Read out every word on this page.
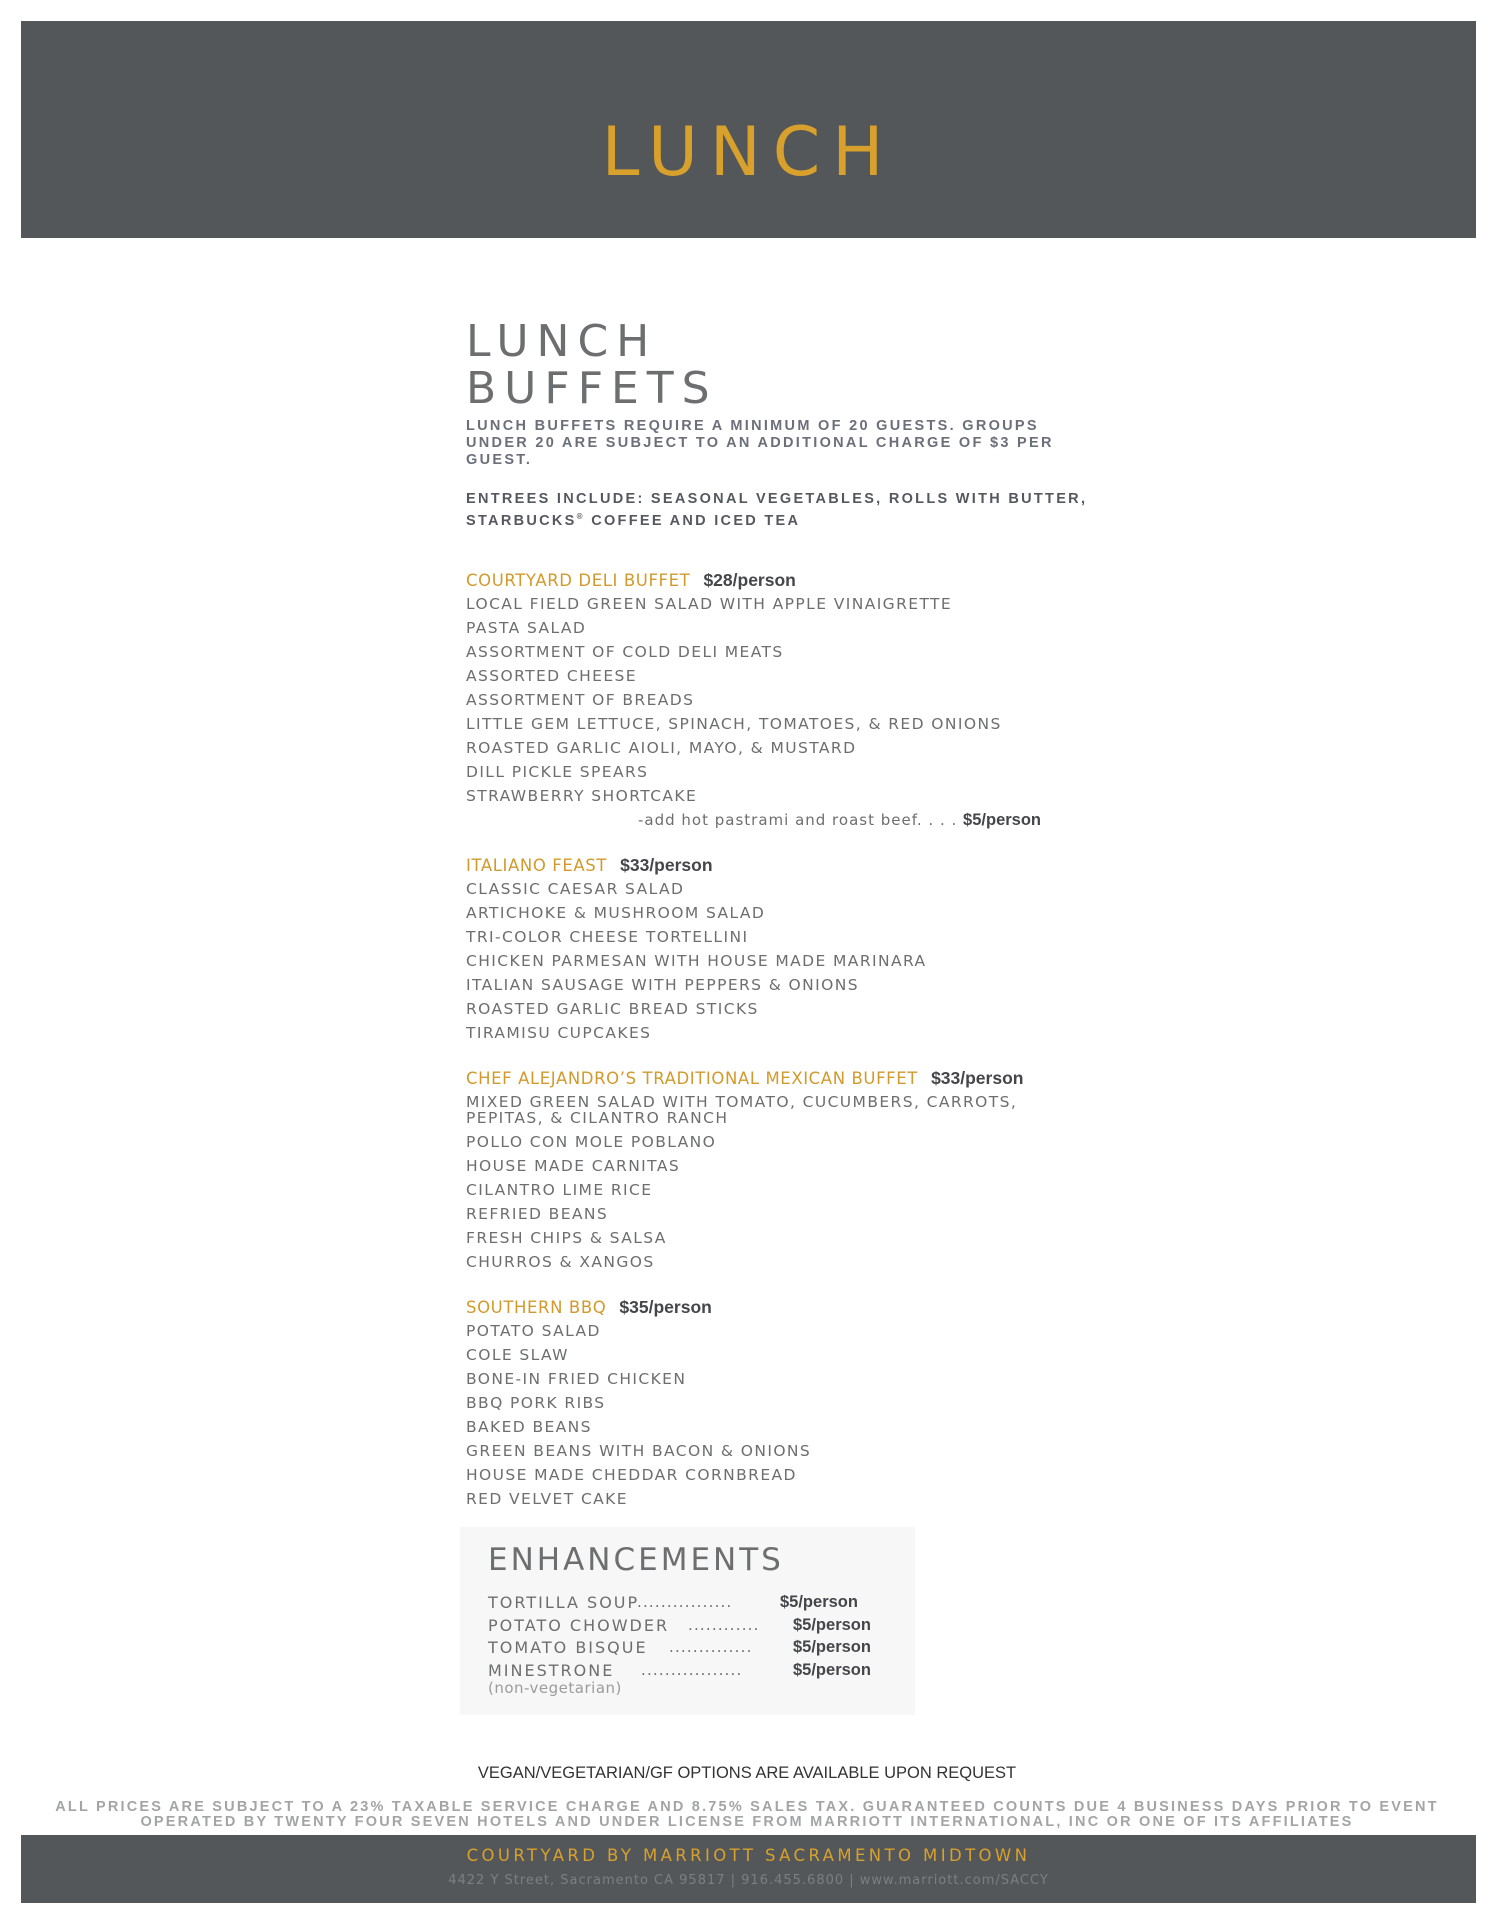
LUNCH
LUNCH
BUFFETS

LUNCH BUFFETS REQUIRE A MINIMUM OF 20 GUESTS. GROUPS UNDER 20 ARE SUBJECT TO AN ADDITIONAL CHARGE OF $3 PER GUEST.

ENTREES INCLUDE: SEASONAL VEGETABLES, ROLLS WITH BUTTER,
STARBUCKS® COFFEE AND ICED TEA

COURTYARD DELI BUFFET $28/person
LOCAL FIELD GREEN SALAD WITH APPLE VINAIGRETTE
PASTA SALAD
ASSORTMENT OF COLD DELI MEATS
ASSORTED CHEESE
ASSORTMENT OF BREADS
LITTLE GEM LETTUCE, SPINACH, TOMATOES, & RED ONIONS
ROASTED GARLIC AIOLI, MAYO, & MUSTARD
DILL PICKLE SPEARS
STRAWBERRY SHORTCAKE
-add hot pastrami and roast beef. . . . $5/person
ITALIANO FEAST $33/person
CLASSIC CAESAR SALAD
ARTICHOKE & MUSHROOM SALAD
TRI-COLOR CHEESE TORTELLINI
CHICKEN PARMESAN WITH HOUSE MADE MARINARA
ITALIAN SAUSAGE WITH PEPPERS & ONIONS
ROASTED GARLIC BREAD STICKS
TIRAMISU CUPCAKES
CHEF ALEJANDRO’S TRADITIONAL MEXICAN BUFFET $33/person
MIXED GREEN SALAD WITH TOMATO, CUCUMBERS, CARROTS, PEPITAS, & CILANTRO RANCH
POLLO CON MOLE POBLANO
HOUSE MADE CARNITAS
CILANTRO LIME RICE
REFRIED BEANS
FRESH CHIPS & SALSA
CHURROS & XANGOS
SOUTHERN BBQ $35/person
POTATO SALAD
COLE SLAW
BONE-IN FRIED CHICKEN
BBQ PORK RIBS
BAKED BEANS
GREEN BEANS WITH BACON & ONIONS
HOUSE MADE CHEDDAR CORNBREAD
RED VELVET CAKE
ENHANCEMENTS
TORTILLA SOUP
................	$5/person
POTATO CHOWDER ............ $5/person
TOMATO BISQUE .............. $5/person
MINESTRONE .................	$5/person
(non-vegetarian)
VEGAN/VEGETARIAN/GF OPTIONS ARE AVAILABLE UPON REQUEST
ALL PRICES ARE SUBJECT TO A 23% TAXABLE SERVICE CHARGE AND 8.75% SALES TAX. GUARANTEED COUNTS DUE 4 BUSINESS DAYS PRIOR TO EVENT
OPERATED BY TWENTY FOUR SEVEN HOTELS AND UNDER LICENSE FROM MARRIOTT INTERNATIONAL, INC OR ONE OF ITS AFFILIATES
COURTYARD BY MARRIOTT SACRAMENTO MIDTOWN
4422 Y Street, Sacramento CA 95817 | 916.455.6800 | www.marriott.com/SACCY
